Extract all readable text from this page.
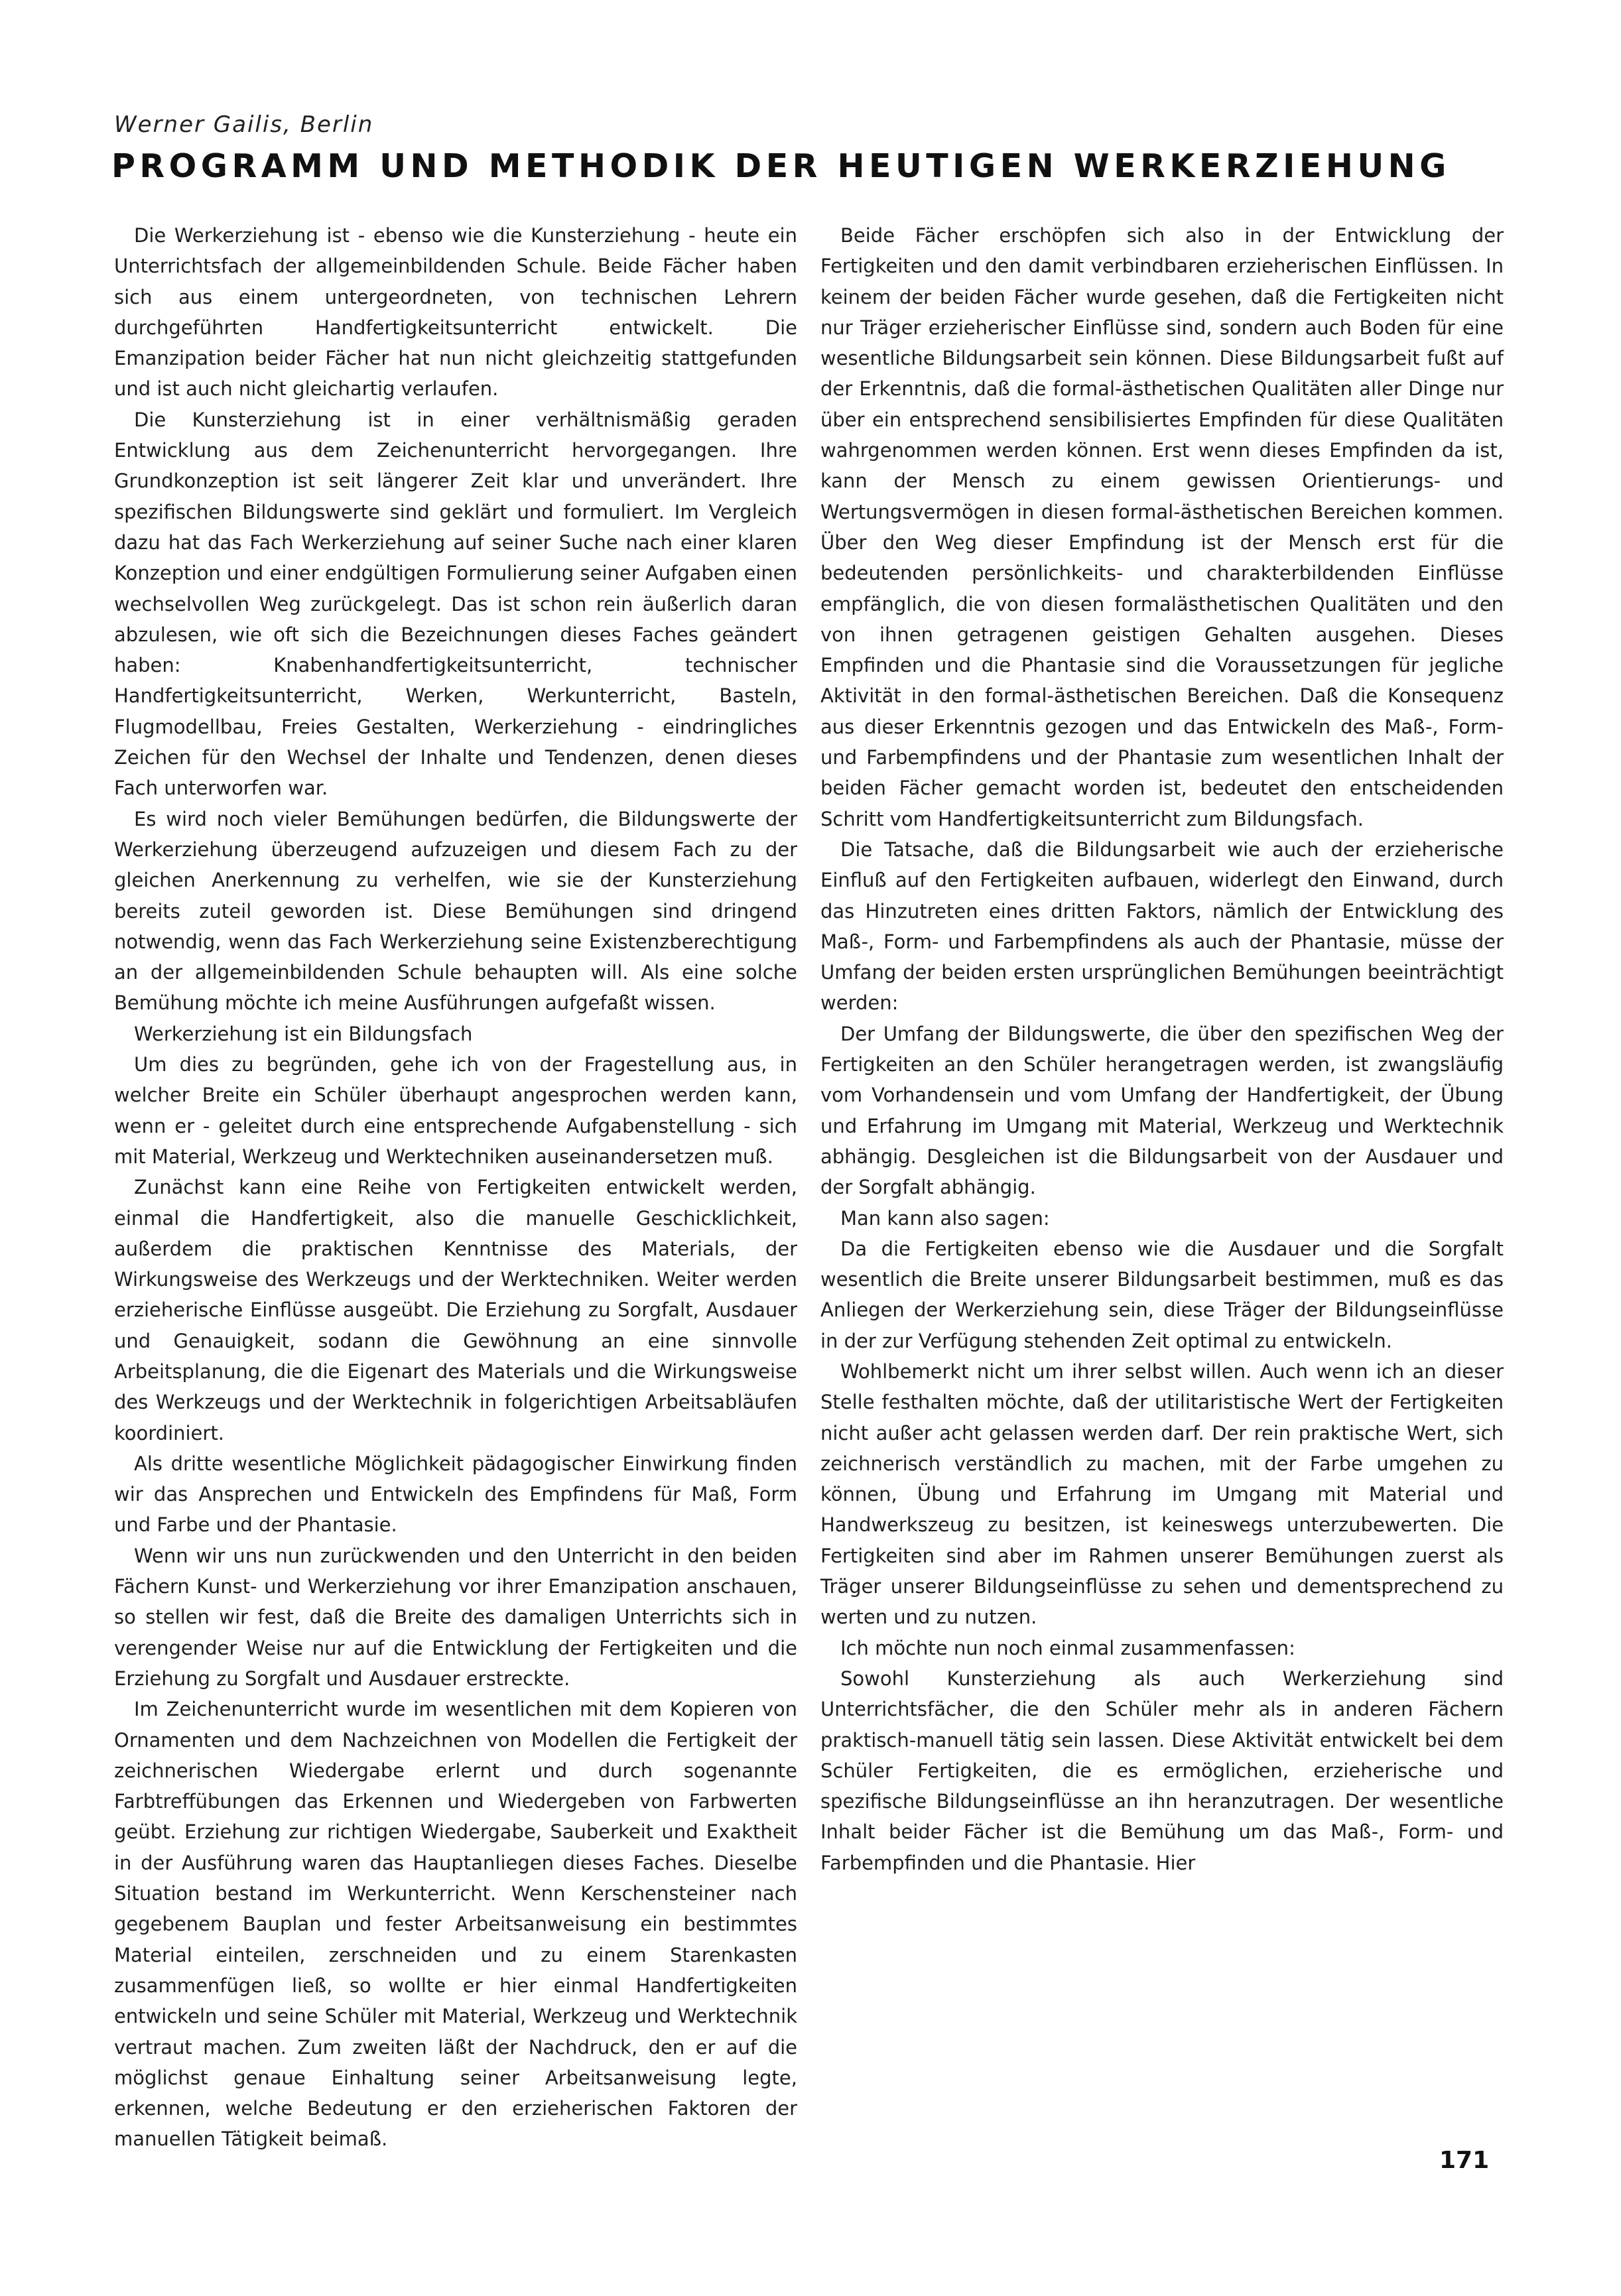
Werner Gailis, Berlin
PROGRAMM UND METHODIK DER HEUTIGEN WERKERZIEHUNG

Die Werkerziehung ist - ebenso wie die Kunsterziehung - heute ein Unterrichtsfach der allgemeinbildenden Schule. Beide Fächer haben sich aus einem untergeordneten, von technischen Lehrern durchgeführten Handfertigkeitsunterricht entwickelt. Die Emanzipation beider Fächer hat nun nicht gleichzeitig stattgefunden und ist auch nicht gleichartig verlaufen.

Die Kunsterziehung ist in einer verhältnismäßig geraden Entwicklung aus dem Zeichenunterricht hervorgegangen. Ihre Grundkonzeption ist seit längerer Zeit klar und unverändert. Ihre spezifischen Bildungswerte sind geklärt und formuliert. Im Vergleich dazu hat das Fach Werkerziehung auf seiner Suche nach einer klaren Konzeption und einer endgültigen Formulierung seiner Aufgaben einen wechselvollen Weg zurückgelegt. Das ist schon rein äußerlich daran abzulesen, wie oft sich die Bezeichnungen dieses Faches geändert haben: Knabenhandfertigkeitsunterricht, technischer Handfertigkeitsunterricht, Werken, Werkunterricht, Basteln, Flugmodellbau, Freies Gestalten, Werkerziehung - eindringliches Zeichen für den Wechsel der Inhalte und Tendenzen, denen dieses Fach unterworfen war.

Es wird noch vieler Bemühungen bedürfen, die Bildungswerte der Werkerziehung überzeugend aufzuzeigen und diesem Fach zu der gleichen Anerkennung zu verhelfen, wie sie der Kunsterziehung bereits zuteil geworden ist. Diese Bemühungen sind dringend notwendig, wenn das Fach Werkerziehung seine Existenzberechtigung an der allgemeinbildenden Schule behaupten will. Als eine solche Bemühung möchte ich meine Ausführungen aufgefaßt wissen.

Werkerziehung ist ein Bildungsfach

Um dies zu begründen, gehe ich von der Fragestellung aus, in welcher Breite ein Schüler überhaupt angesprochen werden kann, wenn er - geleitet durch eine entsprechende Aufgabenstellung - sich mit Material, Werkzeug und Werktechniken auseinandersetzen muß.

Zunächst kann eine Reihe von Fertigkeiten entwickelt werden, einmal die Handfertigkeit, also die manuelle Geschicklichkeit, außerdem die praktischen Kenntnisse des Materials, der Wirkungsweise des Werkzeugs und der Werktechniken. Weiter werden erzieherische Einflüsse ausgeübt. Die Erziehung zu Sorgfalt, Ausdauer und Genauigkeit, sodann die Gewöhnung an eine sinnvolle Arbeitsplanung, die die Eigenart des Materials und die Wirkungsweise des Werkzeugs und der Werktechnik in folgerichtigen Arbeitsabläufen koordiniert.

Als dritte wesentliche Möglichkeit pädagogischer Einwirkung finden wir das Ansprechen und Entwickeln des Empfindens für Maß, Form und Farbe und der Phantasie.

Wenn wir uns nun zurückwenden und den Unterricht in den beiden Fächern Kunst- und Werkerziehung vor ihrer Emanzipation anschauen, so stellen wir fest, daß die Breite des damaligen Unterrichts sich in verengender Weise nur auf die Entwicklung der Fertigkeiten und die Erziehung zu Sorgfalt und Ausdauer erstreckte.

Im Zeichenunterricht wurde im wesentlichen mit dem Kopieren von Ornamenten und dem Nachzeichnen von Modellen die Fertigkeit der zeichnerischen Wiedergabe erlernt und durch sogenannte Farbtreffübungen das Erkennen und Wiedergeben von Farbwerten geübt. Erziehung zur richtigen Wiedergabe, Sauberkeit und Exaktheit in der Ausführung waren das Hauptanliegen dieses Faches. Dieselbe Situation bestand im Werkunterricht. Wenn Kerschensteiner nach gegebenem Bauplan und fester Arbeitsanweisung ein bestimmtes Material einteilen, zerschneiden und zu einem Starenkasten zusammenfügen ließ, so wollte er hier einmal Handfertigkeiten entwickeln und seine Schüler mit Material, Werkzeug und Werktechnik vertraut machen. Zum zweiten läßt der Nachdruck, den er auf die möglichst genaue Einhaltung seiner Arbeitsanweisung legte, erkennen, welche Bedeutung er den erzieherischen Faktoren der manuellen Tätigkeit beimaß.

Beide Fächer erschöpfen sich also in der Entwicklung der Fertigkeiten und den damit verbindbaren erzieherischen Einflüssen. In keinem der beiden Fächer wurde gesehen, daß die Fertigkeiten nicht nur Träger erzieherischer Einflüsse sind, sondern auch Boden für eine wesentliche Bildungsarbeit sein können. Diese Bildungsarbeit fußt auf der Erkenntnis, daß die formal-ästhetischen Qualitäten aller Dinge nur über ein entsprechend sensibilisiertes Empfinden für diese Qualitäten wahrgenommen werden können. Erst wenn dieses Empfinden da ist, kann der Mensch zu einem gewissen Orientierungs- und Wertungsvermögen in diesen formal-ästhetischen Bereichen kommen. Über den Weg dieser Empfindung ist der Mensch erst für die bedeutenden persönlichkeits- und charakterbildenden Einflüsse empfänglich, die von diesen formalästhetischen Qualitäten und den von ihnen getragenen geistigen Gehalten ausgehen. Dieses Empfinden und die Phantasie sind die Voraussetzungen für jegliche Aktivität in den formal-ästhetischen Bereichen. Daß die Konsequenz aus dieser Erkenntnis gezogen und das Entwickeln des Maß-, Form- und Farbempfindens und der Phantasie zum wesentlichen Inhalt der beiden Fächer gemacht worden ist, bedeutet den entscheidenden Schritt vom Handfertigkeitsunterricht zum Bildungsfach.

Die Tatsache, daß die Bildungsarbeit wie auch der erzieherische Einfluß auf den Fertigkeiten aufbauen, widerlegt den Einwand, durch das Hinzutreten eines dritten Faktors, nämlich der Entwicklung des Maß-, Form- und Farbempfindens als auch der Phantasie, müsse der Umfang der beiden ersten ursprünglichen Bemühungen beeinträchtigt werden:

Der Umfang der Bildungswerte, die über den spezifischen Weg der Fertigkeiten an den Schüler herangetragen werden, ist zwangsläufig vom Vorhandensein und vom Umfang der Handfertigkeit, der Übung und Erfahrung im Umgang mit Material, Werkzeug und Werktechnik abhängig. Desgleichen ist die Bildungsarbeit von der Ausdauer und der Sorgfalt abhängig.

Man kann also sagen:

Da die Fertigkeiten ebenso wie die Ausdauer und die Sorgfalt wesentlich die Breite unserer Bildungsarbeit bestimmen, muß es das Anliegen der Werkerziehung sein, diese Träger der Bildungseinflüsse in der zur Verfügung stehenden Zeit optimal zu entwickeln.

Wohlbemerkt nicht um ihrer selbst willen. Auch wenn ich an dieser Stelle festhalten möchte, daß der utilitaristische Wert der Fertigkeiten nicht außer acht gelassen werden darf. Der rein praktische Wert, sich zeichnerisch verständlich zu machen, mit der Farbe umgehen zu können, Übung und Erfahrung im Umgang mit Material und Handwerkszeug zu besitzen, ist keineswegs unterzubewerten. Die Fertigkeiten sind aber im Rahmen unserer Bemühungen zuerst als Träger unserer Bildungseinflüsse zu sehen und dementsprechend zu werten und zu nutzen.

Ich möchte nun noch einmal zusammenfassen:

Sowohl Kunsterziehung als auch Werkerziehung sind Unterrichtsfächer, die den Schüler mehr als in anderen Fächern praktisch-manuell tätig sein lassen. Diese Aktivität entwickelt bei dem Schüler Fertigkeiten, die es ermöglichen, erzieherische und spezifische Bildungseinflüsse an ihn heranzutragen. Der wesentliche Inhalt beider Fächer ist die Bemühung um das Maß-, Form- und Farbempfinden und die Phantasie. Hier

171
